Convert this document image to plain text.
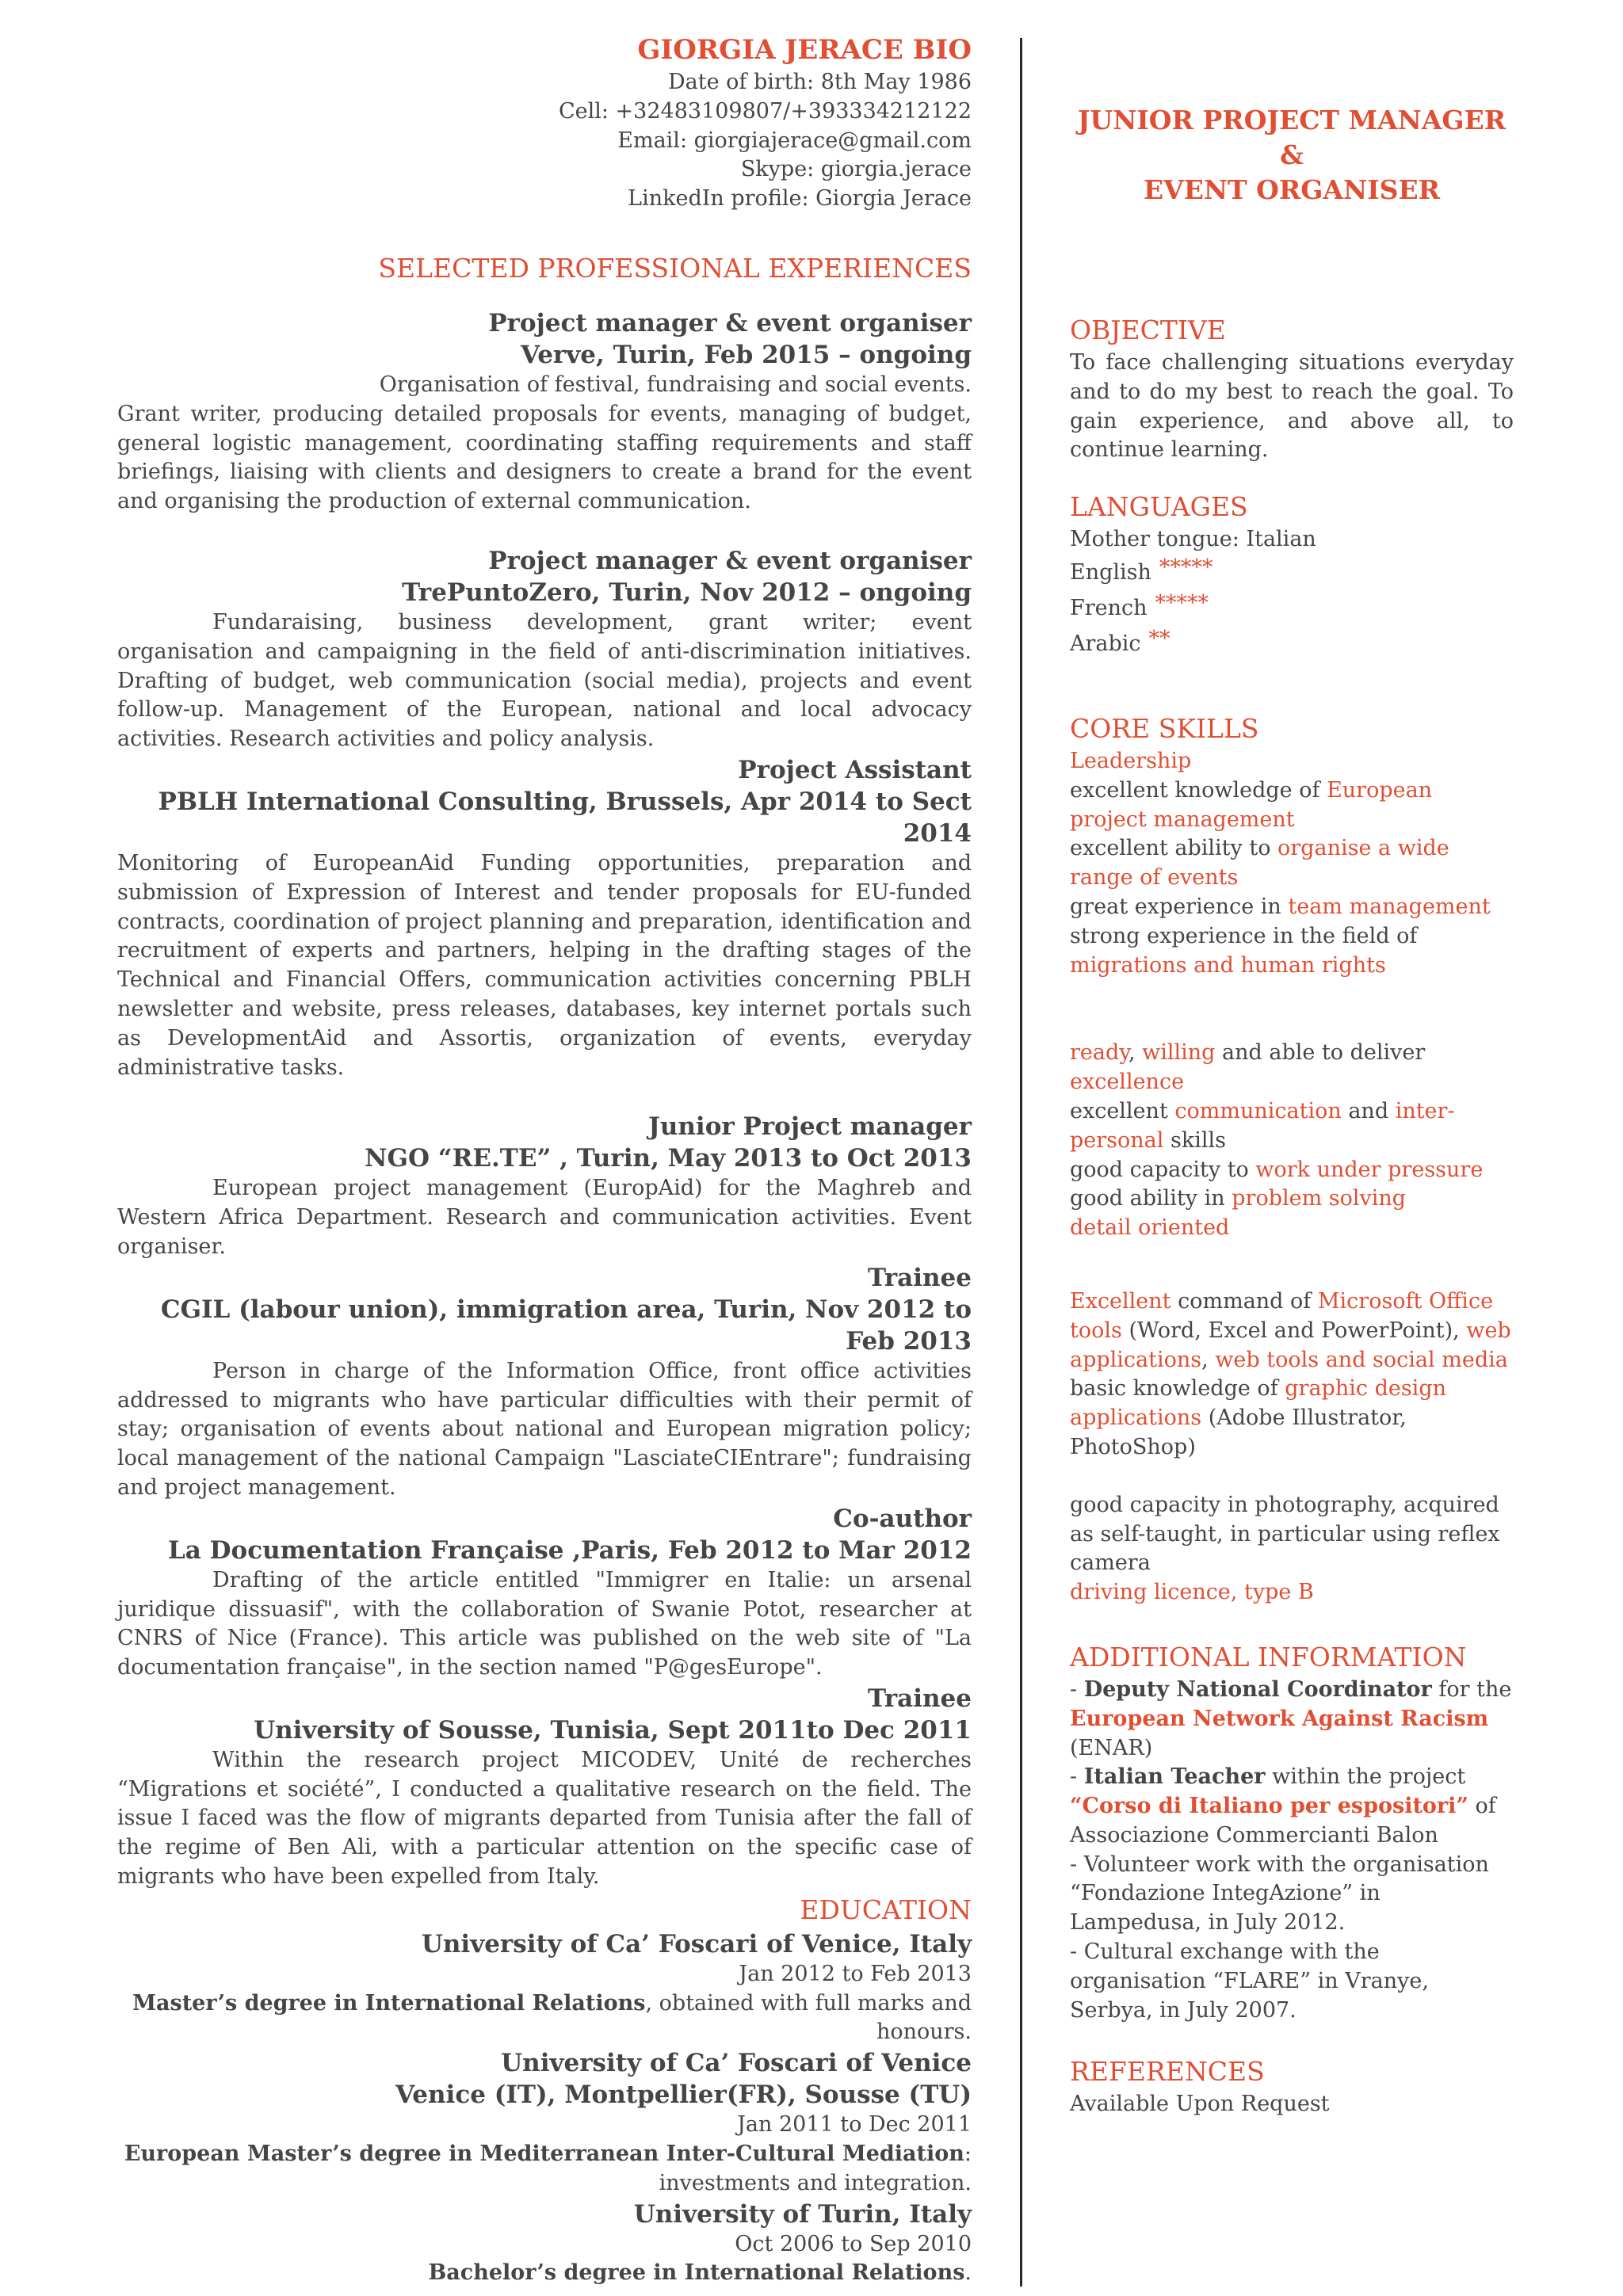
GIORGIA JERACE BIO
Date of birth: 8th May 1986
Cell: +32483109807/+393334212122
Email: giorgiajerace@gmail.com
Skype: giorgia.jerace
LinkedIn profile: Giorgia Jerace
SELECTED PROFESSIONAL EXPERIENCES
Project manager & event organiser
Verve, Turin, Feb 2015 – ongoing
Organisation of festival, fundraising and social events.
Grant writer, producing detailed proposals for events, managing of budget, general logistic management, coordinating staffing requirements and staff briefings, liaising with clients and designers to create a brand for the event and organising the production of external communication.
Project manager & event organiser
TrePuntoZero, Turin, Nov 2012 – ongoing
Fundaraising, business development, grant writer; event organisation and campaigning in the field of anti-discrimination initiatives. Drafting of budget, web communication (social media), projects and event follow-up. Management of the European, national and local advocacy activities. Research activities and policy analysis.
Project Assistant
PBLH International Consulting, Brussels, Apr 2014 to Sect 2014
Monitoring of EuropeanAid Funding opportunities, preparation and submission of Expression of Interest and tender proposals for EU-funded contracts, coordination of project planning and preparation, identification and recruitment of experts and partners, helping in the drafting stages of the Technical and Financial Offers, communication activities concerning PBLH newsletter and website, press releases, databases, key internet portals such as DevelopmentAid and Assortis, organization of events, everyday administrative tasks.
Junior Project manager
NGO “RE.TE” , Turin, May 2013 to Oct 2013
European project management (EuropAid) for the Maghreb and Western Africa Department. Research and communication activities. Event organiser.
Trainee
CGIL (labour union), immigration area, Turin, Nov 2012 to Feb 2013
Person in charge of the Information Office, front office activities addressed to migrants who have particular difficulties with their permit of stay; organisation of events about national and European migration policy; local management of the national Campaign "LasciateCIEntrare"; fundraising and project management.
Co-author
La Documentation Française ,Paris, Feb 2012 to Mar 2012
Drafting of the article entitled "Immigrer en Italie: un arsenal juridique dissuasif", with the collaboration of Swanie Potot, researcher at CNRS of Nice (France). This article was published on the web site of "La documentation française", in the section named "P@gesEurope".
Trainee
University of Sousse, Tunisia, Sept 2011to Dec 2011
Within the research project MICODEV, Unité de recherches “Migrations et société”, I conducted a qualitative research on the field. The issue I faced was the flow of migrants departed from Tunisia after the fall of the regime of Ben Ali, with a particular attention on the specific case of migrants who have been expelled from Italy.
EDUCATION
University of Ca’ Foscari of Venice, Italy
Jan 2012 to Feb 2013
Master’s degree in International Relations, obtained with full marks and honours.
University of Ca’ Foscari of Venice
Venice (IT), Montpellier(FR), Sousse (TU)
Jan 2011 to Dec 2011
European Master’s degree in Mediterranean Inter-Cultural Mediation: investments and integration.
University of Turin, Italy
Oct 2006 to Sep 2010
Bachelor’s degree in International Relations.
JUNIOR PROJECT MANAGER
&
EVENT ORGANISER
OBJECTIVE
To face challenging situations everyday and to do my best to reach the goal. To gain experience, and above all, to continue learning.
LANGUAGES
Mother tongue: Italian
English *****
French *****
Arabic **
CORE SKILLS
Leadership
excellent knowledge of European project management
excellent ability to organise a wide range of events
great experience in team management
strong experience in the field of migrations and human rights
ready, willing and able to deliver excellence
excellent communication and inter-personal skills
good capacity to work under pressure
good ability in problem solving
detail oriented
Excellent command of Microsoft Office tools (Word, Excel and PowerPoint), web applications, web tools and social media
basic knowledge of graphic design applications (Adobe Illustrator, PhotoShop)
good capacity in photography, acquired as self-taught, in particular using reflex camera
driving licence, type B
ADDITIONAL INFORMATION
- Deputy National Coordinator for the European Network Against Racism (ENAR)
- Italian Teacher within the project “Corso di Italiano per espositori” of Associazione Commercianti Balon
- Volunteer work with the organisation “Fondazione IntegAzione” in Lampedusa, in July 2012.
- Cultural exchange with the organisation “FLARE” in Vranye, Serbya, in July 2007.
REFERENCES
Available Upon Request
